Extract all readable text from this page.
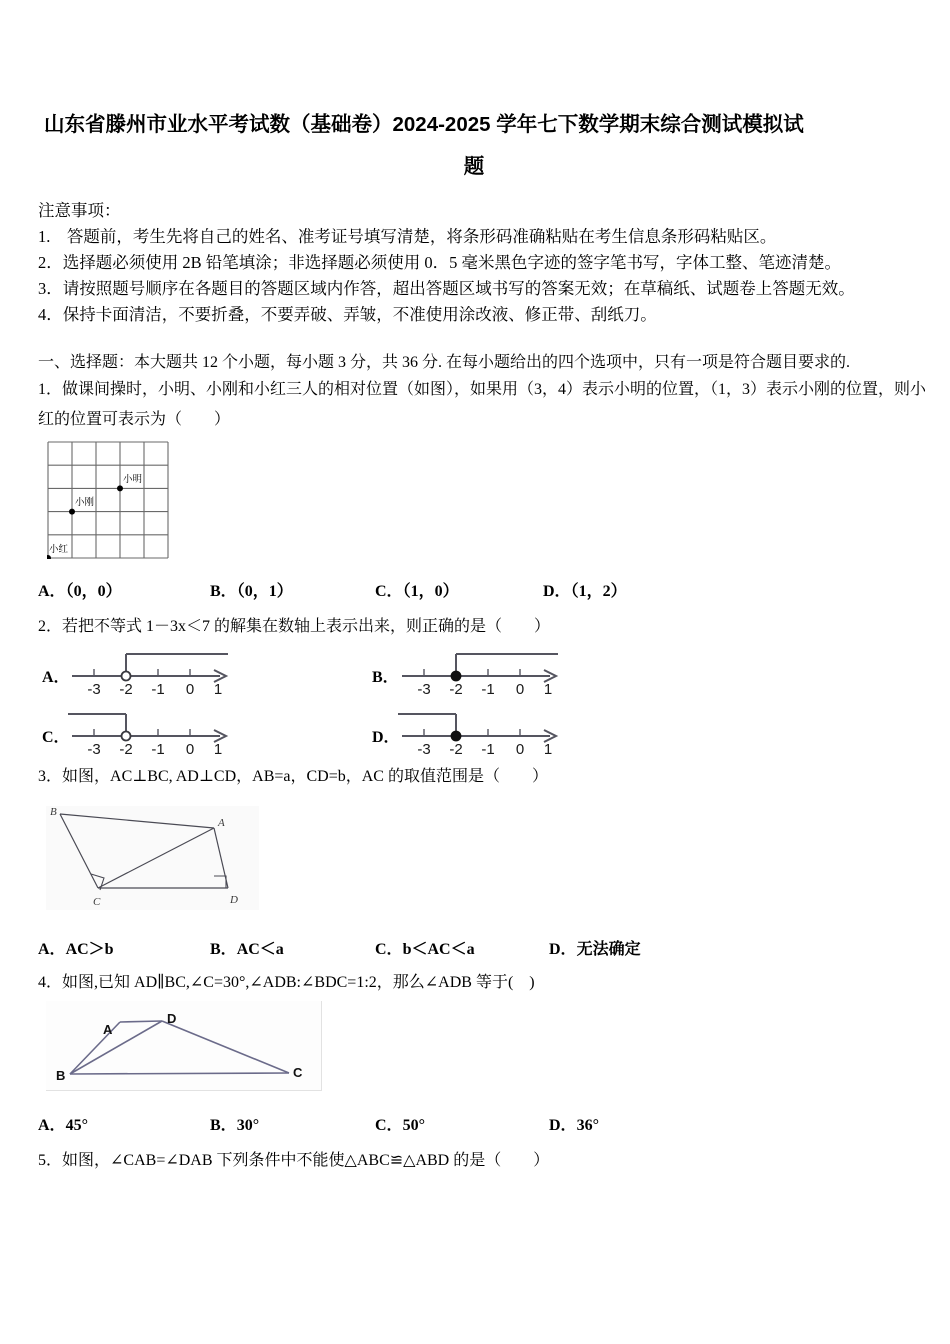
山东省滕州市业水平考试数（基础卷）2024-2025 学年七下数学期末综合测试模拟试
题
注意事项：
1.　答题前，考生先将自己的姓名、准考证号填写清楚，将条形码准确粘贴在考生信息条形码粘贴区。
2．选择题必须使用 2B 铅笔填涂；非选择题必须使用 0．5 毫米黑色字迹的签字笔书写，字体工整、笔迹清楚。
3．请按照题号顺序在各题目的答题区域内作答，超出答题区域书写的答案无效；在草稿纸、试题卷上答题无效。
4．保持卡面清洁，不要折叠，不要弄破、弄皱，不准使用涂改液、修正带、刮纸刀。
一、选择题：本大题共 12 个小题，每小题 3 分，共 36 分. 在每小题给出的四个选项中，只有一项是符合题目要求的.
1．做课间操时，小明、小刚和小红三人的相对位置（如图），如果用（3，4）表示小明的位置，（1，3）表示小刚的位置，则小红的位置可表示为（　　）
小明
小刚
小红
A．（0，0）	B．（0，1）	C．（1，0）	D．（1，2）
2．若把不等式 1－3x＜7 的解集在数轴上表示出来，则正确的是（　　）
A．
-3 -2 -1 0 1
B．
-3 -2 -1 0 1
C．
-3 -2 -1 0 1
D．
-3 -2 -1 0 1
3．如图，AC⊥BC, AD⊥CD，AB=a，CD=b，AC 的取值范围是（　　）
B
A
C	D
A．AC＞b	B．AC＜a	C．b＜AC＜a	D．无法确定
4．如图,已知 AD∥BC,∠C=30°,∠ADB:∠BDC=1:2，那么∠ADB 等于(　)
A
D
B	C
A．45°	B．30°	C．50°	D．36°
5．如图，∠CAB=∠DAB 下列条件中不能使△ABC≌△ABD 的是（　　）
